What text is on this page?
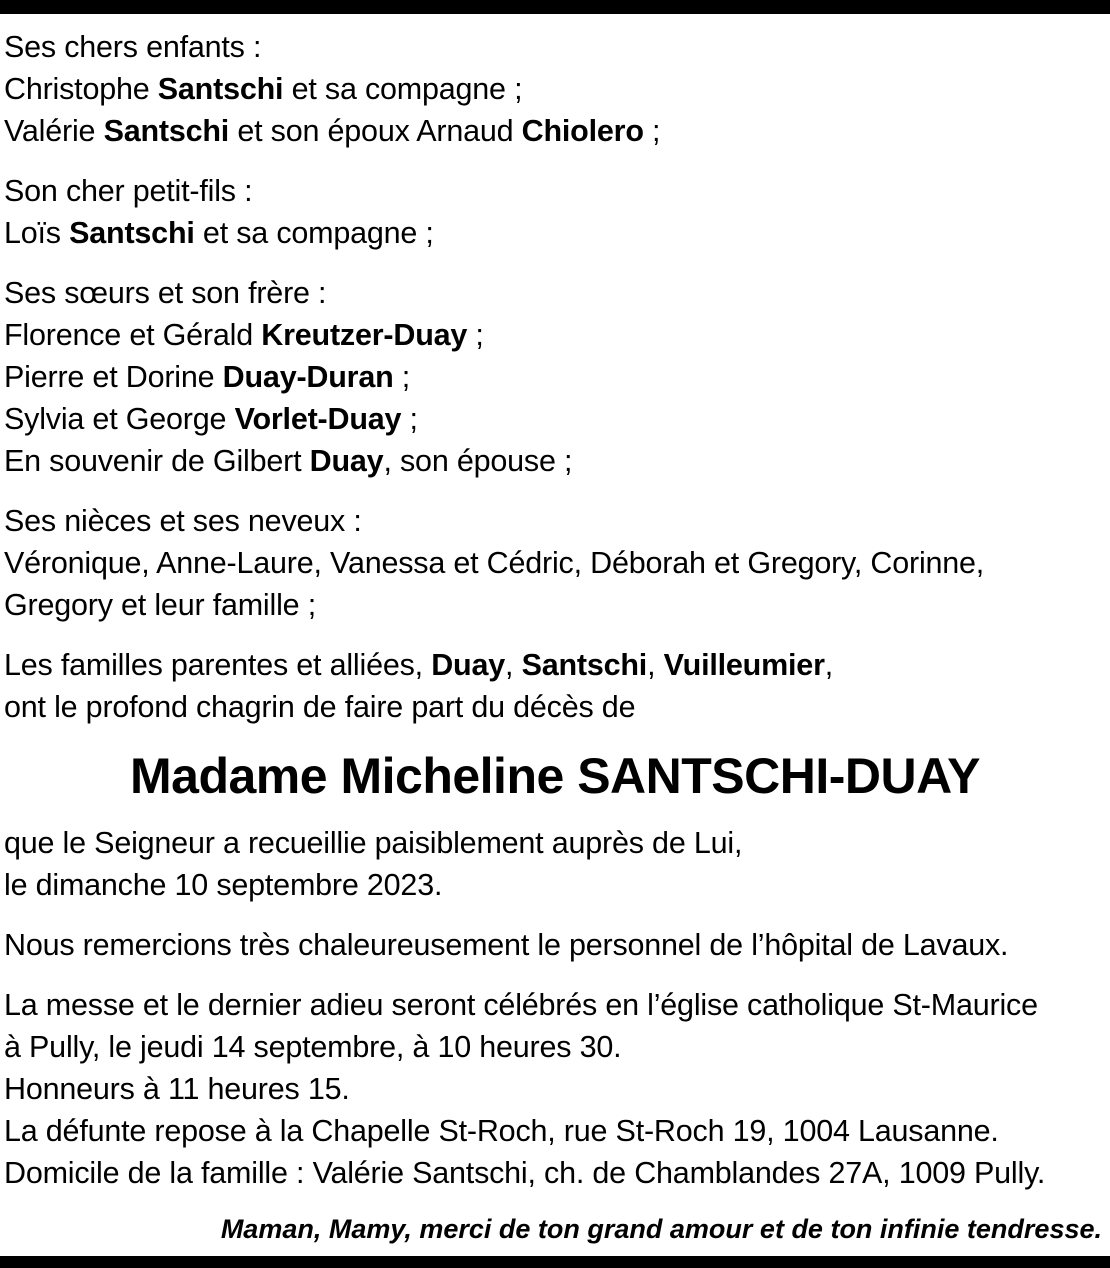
Ses chers enfants :
Christophe Santschi et sa compagne ;
Valérie Santschi et son époux Arnaud Chiolero ;
Son cher petit-fils :
Loïs Santschi et sa compagne ;
Ses sœurs et son frère :
Florence et Gérald Kreutzer-Duay ;
Pierre et Dorine Duay-Duran ;
Sylvia et George Vorlet-Duay ;
En souvenir de Gilbert Duay, son épouse ;
Ses nièces et ses neveux :
Véronique, Anne-Laure, Vanessa et Cédric, Déborah et Gregory, Corinne,
Gregory et leur famille ;
Les familles parentes et alliées, Duay, Santschi, Vuilleumier,
ont le profond chagrin de faire part du décès de
Madame Micheline SANTSCHI-DUAY
que le Seigneur a recueillie paisiblement auprès de Lui,
le dimanche 10 septembre 2023.
Nous remercions très chaleureusement le personnel de l’hôpital de Lavaux.
La messe et le dernier adieu seront célébrés en l’église catholique St-Maurice
à Pully, le jeudi 14 septembre, à 10 heures 30.
Honneurs à 11 heures 15.
La défunte repose à la Chapelle St-Roch, rue St-Roch 19, 1004 Lausanne.
Domicile de la famille : Valérie Santschi, ch. de Chamblandes 27A, 1009 Pully.
Maman, Mamy, merci de ton grand amour et de ton infinie tendresse.
